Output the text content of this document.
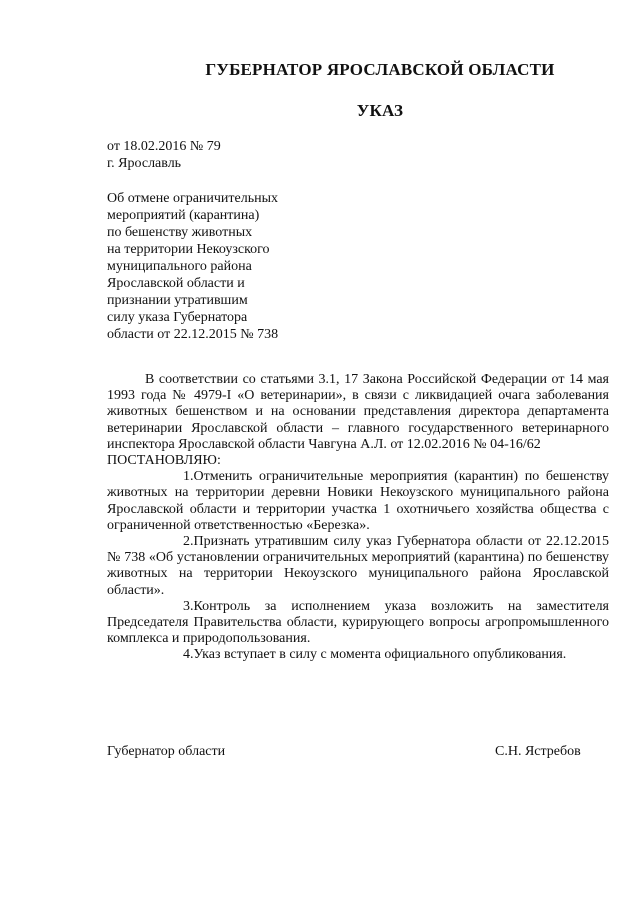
ГУБЕРНАТОР ЯРОСЛАВСКОЙ ОБЛАСТИ
УКАЗ
от 18.02.2016 № 79
г. Ярославль
Об отмене ограничительных
мероприятий (карантина)
по бешенству животных
на территории Некоузского
муниципального района
Ярославской области и
признании утратившим
силу указа Губернатора
области от 22.12.2015 № 738

В соответствии со статьями 3.1, 17 Закона Российской Федерации от 14 мая 1993 года № 4979-I «О ветеринарии», в связи с ликвидацией очага заболевания животных бешенством и на основании представления директора департамента ветеринарии Ярославской области – главного государственного ветеринарного инспектора Ярославской области Чавгуна А.Л. от 12.02.2016 № 04-16/62

ПОСТАНОВЛЯЮ:

1.Отменить ограничительные мероприятия (карантин) по бешенству животных на территории деревни Новики Некоузского муниципального района Ярославской области и территории участка 1 охотничьего хозяйства общества с ограниченной ответственностью «Березка».

2.Признать утратившим силу указ Губернатора области от 22.12.2015 № 738 «Об установлении ограничительных мероприятий (карантина) по бешенству животных на территории Некоузского муниципального района Ярославской области».

3.Контроль за исполнением указа возложить на заместителя Председателя Правительства области, курирующего вопросы агропромышленного комплекса и природопользования.

4.Указ вступает в силу с момента официального опубликования.

Губернатор области	С.Н. Ястребов
